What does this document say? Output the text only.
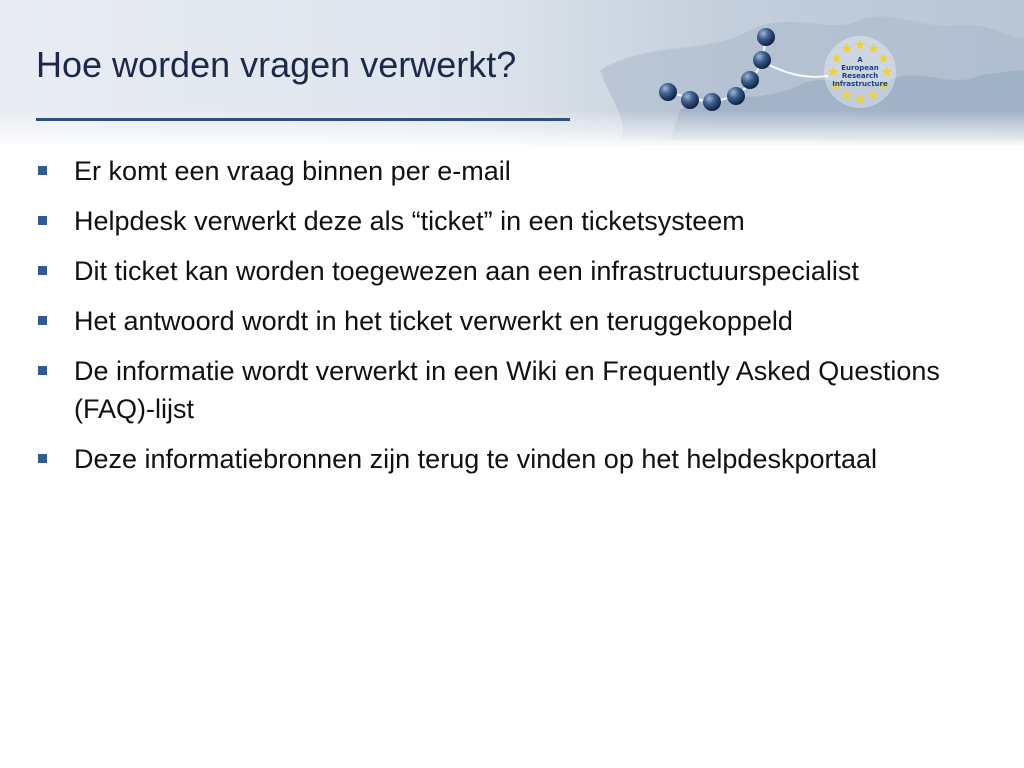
A
European
Research
Infrastructure
Hoe worden vragen verwerkt?
Er komt een vraag binnen per e-mail
Helpdesk verwerkt deze als “ticket” in een ticketsysteem
Dit ticket kan worden toegewezen aan een infrastructuurspecialist
Het antwoord wordt in het ticket verwerkt en teruggekoppeld
De informatie wordt verwerkt in een Wiki en Frequently Asked Questions (FAQ)-lijst
Deze informatiebronnen zijn terug te vinden op het helpdeskportaal
